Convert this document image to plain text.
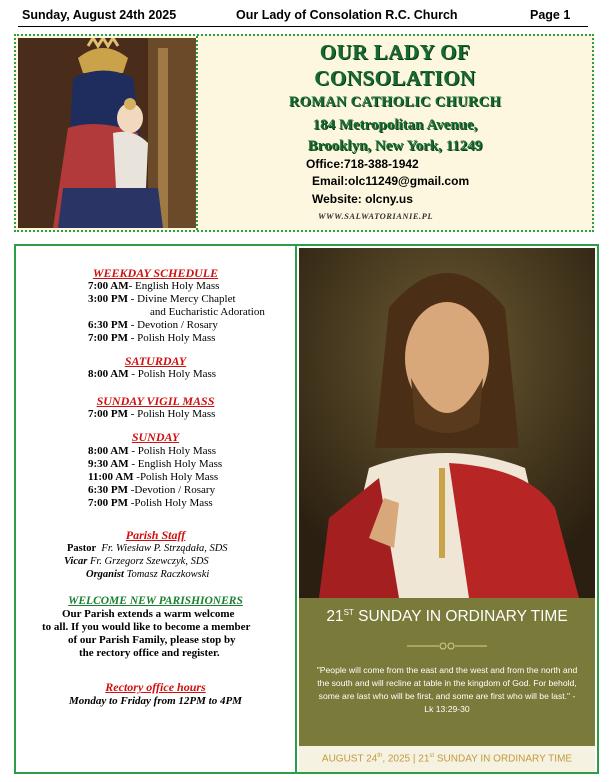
Sunday, August 24th 2025	Our Lady of Consolation R.C. Church	Page 1
OUR LADY OF
CONSOLATION
ROMAN CATHOLIC CHURCH
184 Metropolitan Avenue,
Brooklyn, New York, 11249
Office:718-388-1942
Email:olc11249@gmail.com
Website: olcny.us
WWW.SALWATORIANIE.PL
WEEKDAY SCHEDULE
7:00 AM- English Holy Mass
3:00 PM - Divine Mercy Chaplet
and Eucharistic Adoration
6:30 PM - Devotion / Rosary
7:00 PM - Polish Holy Mass
SATURDAY
8:00 AM - Polish Holy Mass
SUNDAY VIGIL MASS
7:00 PM - Polish Holy Mass
SUNDAY
8:00 AM - Polish Holy Mass
9:30 AM - English Holy Mass
11:00 AM -Polish Holy Mass
6:30 PM -Devotion / Rosary
7:00 PM -Polish Holy Mass
Parish Staff
Pastor Fr. Wiesław P. Strządała, SDS
Vicar Fr. Grzegorz Szewczyk, SDS
Organist Tomasz Raczkowski
WELCOME NEW PARISHIONERS
Our Parish extends a warm welcome
to all. If you would like to become a member
of our Parish Family, please stop by
the rectory office and register.
Rectory office hours
Monday to Friday from 12PM to 4PM
21ST SUNDAY IN ORDINARY TIME
"People will come from the east and the west and from the north and the south and will recline at table in the kingdom of God. For behold, some are last who will be first, and some are first who will be last." - Lk 13:29-30
AUGUST 24th, 2025 | 21st SUNDAY IN ORDINARY TIME
